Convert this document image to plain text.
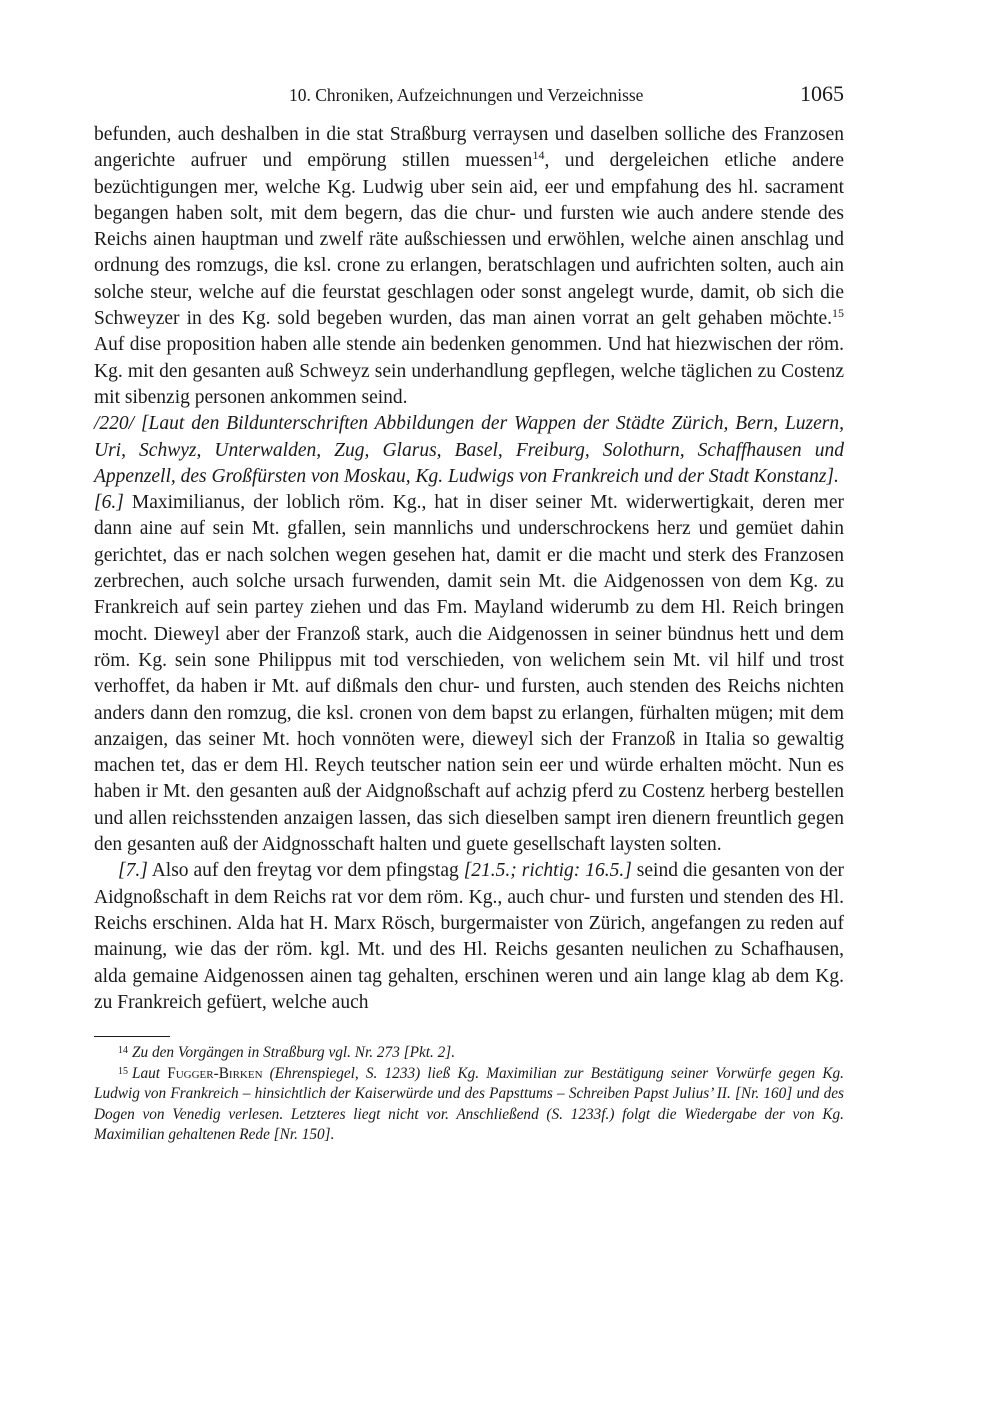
10. Chroniken, Aufzeichnungen und Verzeichnisse	1065

befunden, auch deshalben in die stat Straßburg verraysen und daselben solliche des Franzosen angerichte aufruer und empörung stillen muessen$^{14}$, und dergeleichen etliche andere bezüchtigungen mer, welche Kg. Ludwig uber sein aid, eer und empfahung des hl. sacrament begangen haben solt, mit dem begern, das die chur- und fursten wie auch andere stende des Reichs ainen hauptman und zwelf räte außschiessen und erwöhlen, welche ainen anschlag und ordnung des romzugs, die ksl. crone zu erlangen, beratschlagen und aufrichten solten, auch ain solche steur, welche auf die feurstat geschlagen oder sonst angelegt wurde, damit, ob sich die Schweyzer in des Kg. sold begeben wurden, das man ainen vorrat an gelt gehaben möchte.$^{15}$ Auf dise proposition haben alle stende ain bedenken genommen. Und hat hiezwischen der röm. Kg. mit den gesanten auß Schweyz sein underhandlung gepflegen, welche täglichen zu Costenz mit sibenzig personen ankommen seind.

/220/ [Laut den Bildunterschriften Abbildungen der Wappen der Städte Zürich, Bern, Luzern, Uri, Schwyz, Unterwalden, Zug, Glarus, Basel, Freiburg, Solothurn, Schaffhausen und Appenzell, des Großfürsten von Moskau, Kg. Ludwigs von Frankreich und der Stadt Konstanz].

[6.] Maximilianus, der loblich röm. Kg., hat in diser seiner Mt. widerwertigkait, deren mer dann aine auf sein Mt. gfallen, sein mannlichs und underschrockens herz und gemüet dahin gerichtet, das er nach solchen wegen gesehen hat, damit er die macht und sterk des Franzosen zerbrechen, auch solche ursach furwenden, damit sein Mt. die Aidgenossen von dem Kg. zu Frankreich auf sein partey ziehen und das Fm. Mayland widerumb zu dem Hl. Reich bringen mocht. Dieweyl aber der Franzoß stark, auch die Aidgenossen in seiner bündnus hett und dem röm. Kg. sein sone Philippus mit tod verschieden, von welichem sein Mt. vil hilf und trost verhoffet, da haben ir Mt. auf dißmals den chur- und fursten, auch stenden des Reichs nichten anders dann den romzug, die ksl. cronen von dem bapst zu erlangen, fürhalten mügen; mit dem anzaigen, das seiner Mt. hoch vonnöten were, dieweyl sich der Franzoß in Italia so gewaltig machen tet, das er dem Hl. Reych teutscher nation sein eer und würde erhalten möcht. Nun es haben ir Mt. den gesanten auß der Aidgnoßschaft auf achzig pferd zu Costenz herberg bestellen und allen reichsstenden anzaigen lassen, das sich dieselben sampt iren dienern freuntlich gegen den gesanten auß der Aidgnosschaft halten und guete gesellschaft laysten solten.

[7.] Also auf den freytag vor dem pfingstag [21.5.; richtig: 16.5.] seind die gesanten von der Aidgnoßschaft in dem Reichs rat vor dem röm. Kg., auch chur- und fursten und stenden des Hl. Reichs erschinen. Alda hat H. Marx Rösch, burgermaister von Zürich, angefangen zu reden auf mainung, wie das der röm. kgl. Mt. und des Hl. Reichs gesanten neulichen zu Schafhausen, alda gemaine Aidgenossen ainen tag gehalten, erschinen weren und ain lange klag ab dem Kg. zu Frankreich gefüert, welche auch

$^{14}$ Zu den Vorgängen in Straßburg vgl. Nr. 273 [Pkt. 2].

$^{15}$ Laut Fugger-Birken (Ehrenspiegel, S. 1233) ließ Kg. Maximilian zur Bestätigung seiner Vorwürfe gegen Kg. Ludwig von Frankreich – hinsichtlich der Kaiserwürde und des Papsttums – Schreiben Papst Julius’ II. [Nr. 160] und des Dogen von Venedig verlesen. Letzteres liegt nicht vor. Anschließend (S. 1233f.) folgt die Wiedergabe der von Kg. Maximilian gehaltenen Rede [Nr. 150].
